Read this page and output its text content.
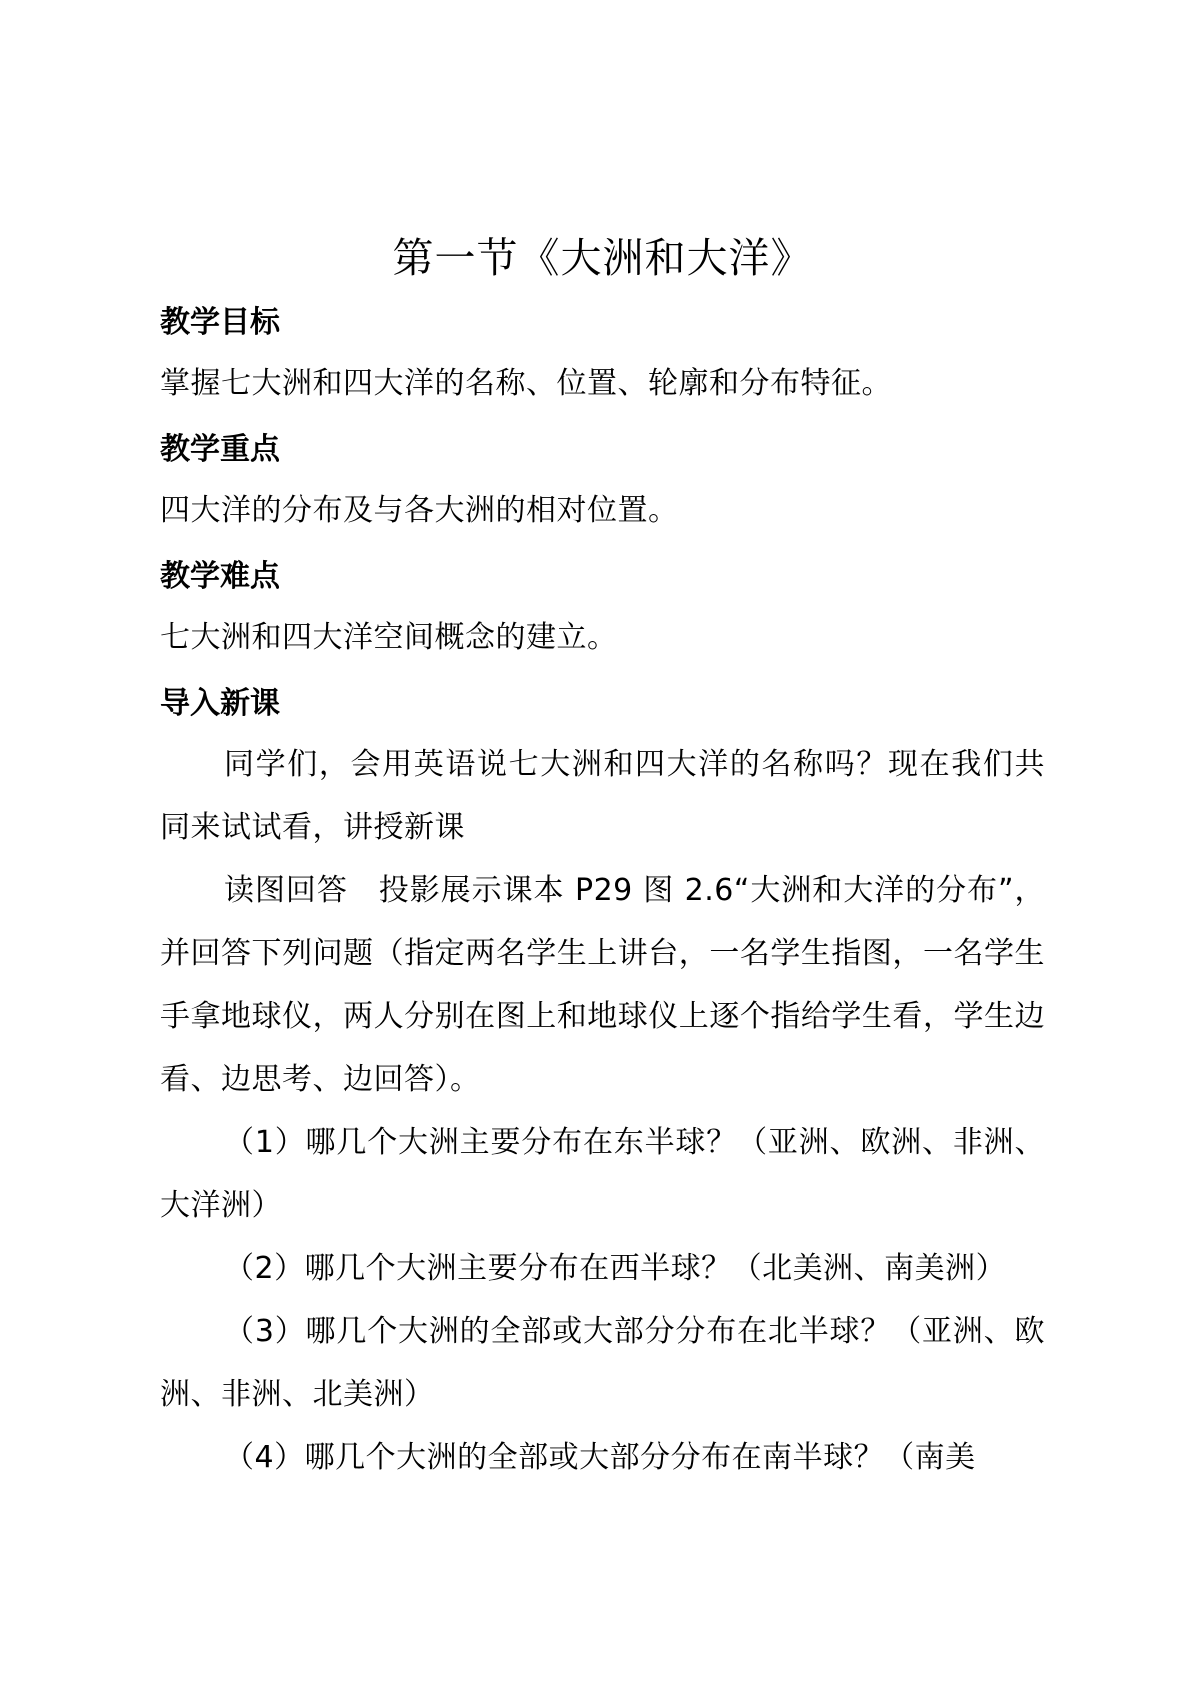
第一节《大洲和大洋》
教学目标

掌握七大洲和四大洋的名称、位置、轮廓和分布特征。

教学重点

四大洋的分布及与各大洲的相对位置。

教学难点

七大洲和四大洋空间概念的建立。

导入新课

同学们，会用英语说七大洲和四大洋的名称吗？现在我们共同来试试看，讲授新课

读图回答　投影展示课本 P29 图 2.6“大洲和大洋的分布”，并回答下列问题（指定两名学生上讲台，一名学生指图，一名学生手拿地球仪，两人分别在图上和地球仪上逐个指给学生看，学生边看、边思考、边回答）。

（1）哪几个大洲主要分布在东半球？（亚洲、欧洲、非洲、大洋洲）

（2）哪几个大洲主要分布在西半球？（北美洲、南美洲）

（3）哪几个大洲的全部或大部分分布在北半球？（亚洲、欧洲、非洲、北美洲）

（4）哪几个大洲的全部或大部分分布在南半球？（南美
